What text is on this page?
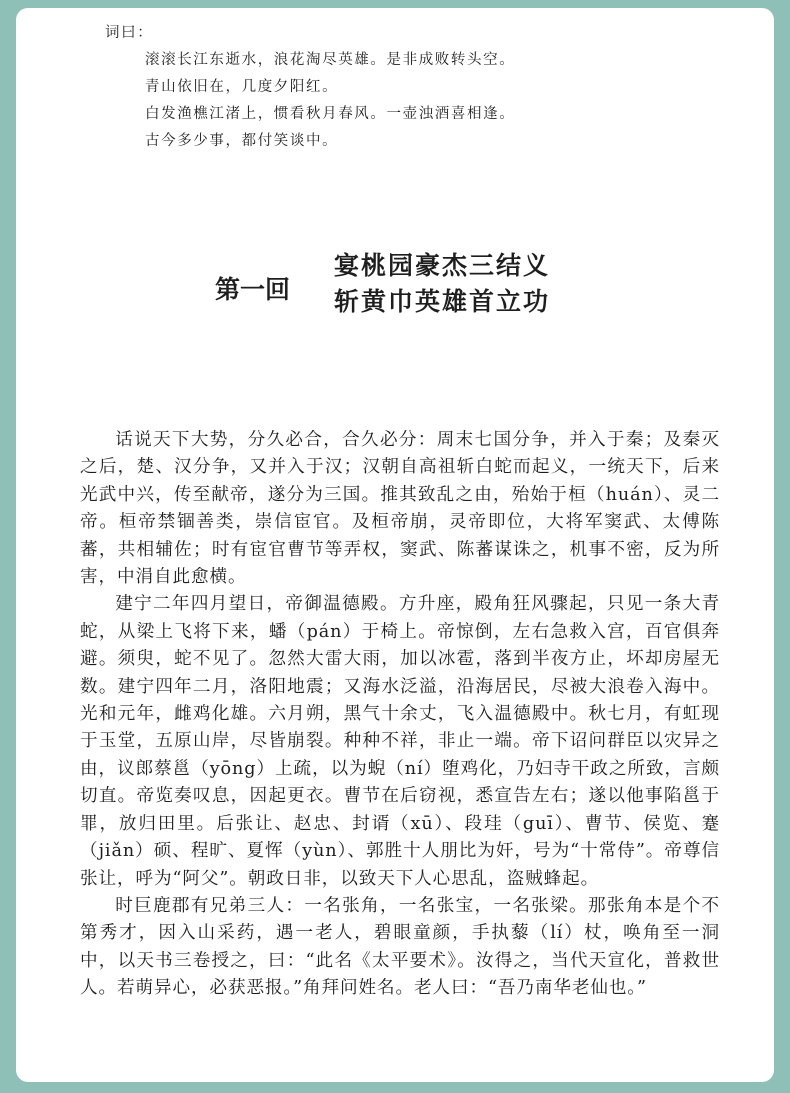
词曰：

滚滚长江东逝水，浪花淘尽英雄。是非成败转头空。

青山依旧在，几度夕阳红。

白发渔樵江渚上，惯看秋月春风。一壶浊酒喜相逢。

古今多少事，都付笑谈中。

第一回
宴桃园豪杰三结义
斩黄巾英雄首立功

话说天下大势，分久必合，合久必分：周末七国分争，并入于秦；及秦灭之后，楚、汉分争，又并入于汉；汉朝自高祖斩白蛇而起义，一统天下，后来光武中兴，传至献帝，遂分为三国。推其致乱之由，殆始于桓（huán）、灵二帝。桓帝禁锢善类，崇信宦官。及桓帝崩，灵帝即位，大将军窦武、太傅陈蕃，共相辅佐；时有宦官曹节等弄权，窦武、陈蕃谋诛之，机事不密，反为所害，中涓自此愈横。

建宁二年四月望日，帝御温德殿。方升座，殿角狂风骤起，只见一条大青蛇，从梁上飞将下来，蟠（pán）于椅上。帝惊倒，左右急救入宫，百官俱奔避。须臾，蛇不见了。忽然大雷大雨，加以冰雹，落到半夜方止，坏却房屋无数。建宁四年二月，洛阳地震；又海水泛溢，沿海居民，尽被大浪卷入海中。光和元年，雌鸡化雄。六月朔，黑气十余丈，飞入温德殿中。秋七月，有虹现于玉堂，五原山岸，尽皆崩裂。种种不祥，非止一端。帝下诏问群臣以灾异之由，议郎蔡邕（yōng）上疏，以为蜺（ní）堕鸡化，乃妇寺干政之所致，言颇切直。帝览奏叹息，因起更衣。曹节在后窃视，悉宣告左右；遂以他事陷邕于罪，放归田里。后张让、赵忠、封谞（xū）、段珪（guī）、曹节、侯览、蹇（jiǎn）硕、程旷、夏恽（yùn）、郭胜十人朋比为奸，号为“十常侍”。帝尊信张让，呼为“阿父”。朝政日非，以致天下人心思乱，盗贼蜂起。

时巨鹿郡有兄弟三人：一名张角，一名张宝，一名张梁。那张角本是个不第秀才，因入山采药，遇一老人，碧眼童颜，手执藜（lí）杖，唤角至一洞中，以天书三卷授之，曰：“此名《太平要术》。汝得之，当代天宣化，普救世人。若萌异心，必获恶报。”角拜问姓名。老人曰：“吾乃南华老仙也。”
